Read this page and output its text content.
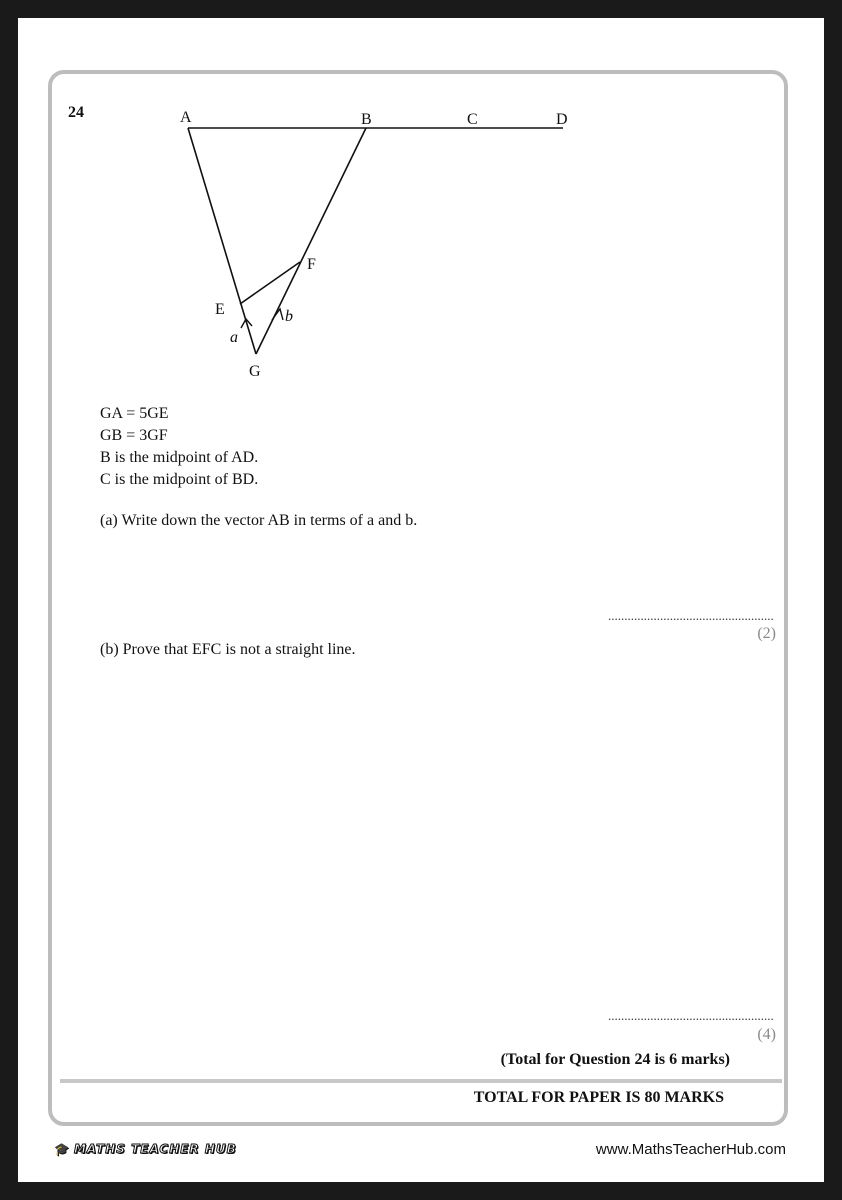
24	A	B	C	D
E
F
G
a
b
GA = 5GE
GB = 3GF
B is the midpoint of AD.
C is the midpoint of BD.
(a) Write down the vector AB in terms of a and b.
...................................................
(2)
(b) Prove that EFC is not a straight line.
...................................................
(4)
(Total for Question 24 is 6 marks)
TOTAL FOR PAPER IS 80 MARKS
🎓 MATHS TEACHER HUB	www.MathsTeacherHub.com
